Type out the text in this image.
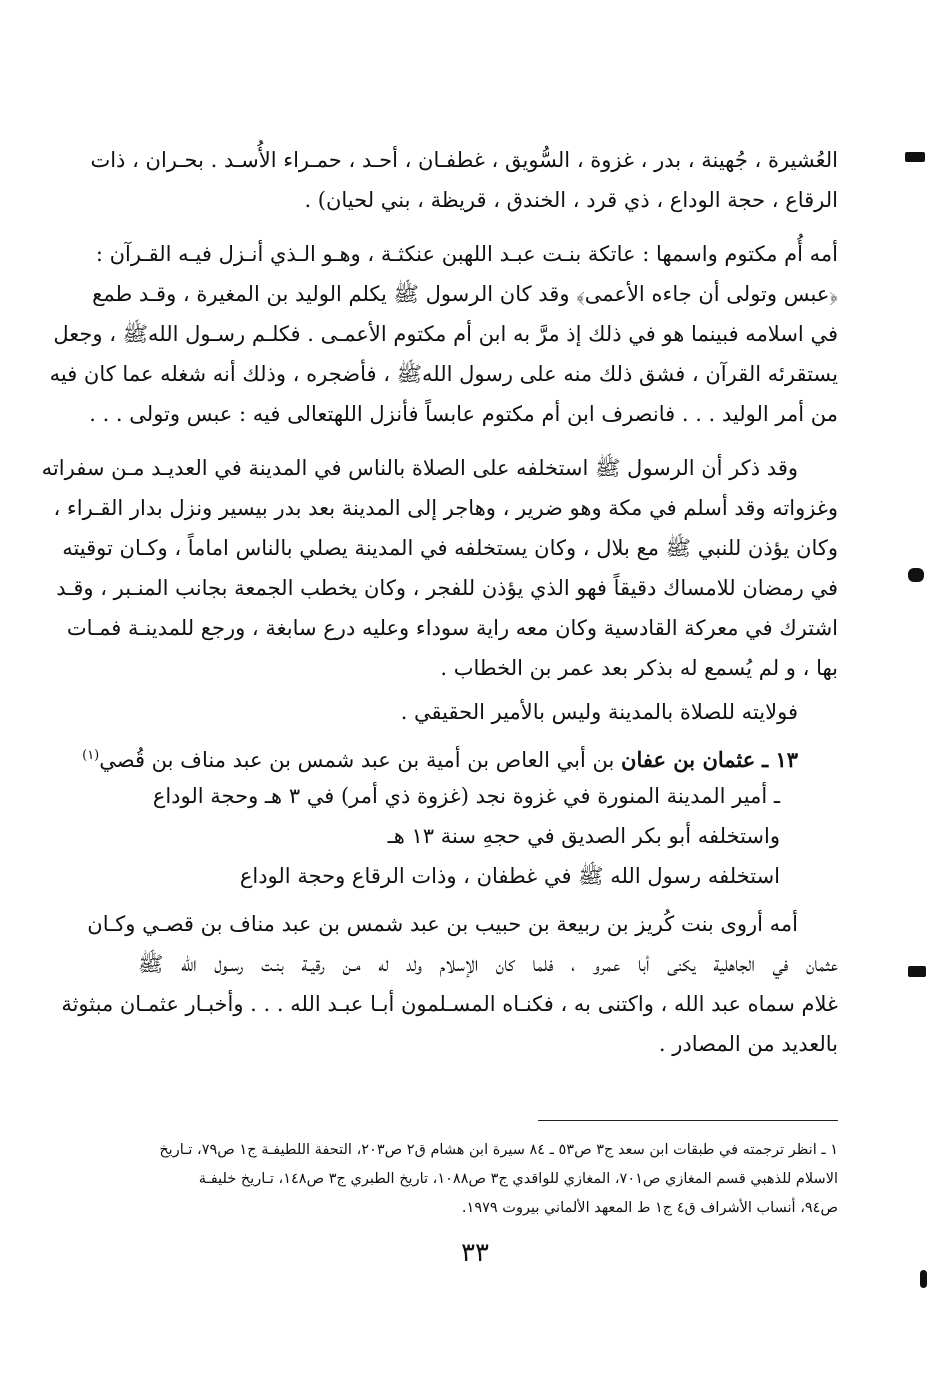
العُشيرة ، جُهينة ، بدر ، غزوة ، السُّويق ، غطفـان ، أحـد ، حمـراء الأُسـد . بحـران ، ذات
الرقاع ، حجة الوداع ، ذي قرد ، الخندق ، قريظة ، بني لحيان) .
أمه أُم مكتوم واسمها : عاتكة بنـت عبـد اللهبن عنكثـة ، وهـو الـذي أنـزل فيـه القـرآن :
﴿عبس وتولى أن جاءه الأعمى﴾ وقد كان الرسول ﷺ يكلم الوليد بن المغيرة ، وقـد طمع
في اسلامه فبينما هو في ذلك إذ مرَّ به ابن أم مكتوم الأعمـى . فكلـم رسـول اللهﷺ ، وجعل
يستقرئه القرآن ، فشق ذلك منه على رسول اللهﷺ ، فأضجره ، وذلك أنه شغله عما كان فيه
من أمر الوليد . . . فانصرف ابن أم مكتوم عابساً فأنزل اللهتعالى فيه : عبس وتولى . . .
وقد ذكر أن الرسول ﷺ استخلفه على الصلاة بالناس في المدينة في العديـد مـن سفراته
وغزواته وقد أسلم في مكة وهو ضرير ، وهاجر إلى المدينة بعد بدر بيسير ونزل بدار القـراء ،
وكان يؤذن للنبي ﷺ مع بلال ، وكان يستخلفه في المدينة يصلي بالناس اماماً ، وكـان توقيته
في رمضان للامساك دقيقاً فهو الذي يؤذن للفجر ، وكان يخطب الجمعة بجانب المنـبر ، وقـد
اشترك في معركة القادسية وكان معه راية سوداء وعليه درع سابغة ، ورجع للمدينـة فمـات
بها ، و لم يُسمع له بذكر بعد عمر بن الخطاب .
فولايته للصلاة بالمدينة وليس بالأمير الحقيقي .
١٣ ـ عثمان بن عفان بن أبي العاص بن أمية بن عبد شمس بن عبد مناف بن قُصي$^{(١)}$
ـ أمير المدينة المنورة في غزوة نجد (غزوة ذي أمر) في ٣ هـ وحجة الوداع
واستخلفه أبو بكر الصديق في حجهِ سنة ١٣ هـ
استخلفه رسول الله ﷺ في غطفان ، وذات الرقاع وحجة الوداع
أمه أروى بنت كُريز بن ربيعة بن حبيب بن عبد شمس بن عبد مناف بن قصـي وكـان
عثمان في الجاهلية يكنى أبا عمرو ، فلما كان الإسلام ولد له مـن رقيـة بنـت رسـول الله ﷺ
غلام سماه عبد الله ، واكتنى به ، فكنـاه المسـلمون أبـا عبـد الله . . . وأخبـار عثمـان مبثوثة
بالعديد من المصادر .
١ ـ انظر ترجمته في طبقات ابن سعد ج٣ ص٥٣ ـ ٨٤ سيرة ابن هشام ق٢ ص٢٠٣، التحفة اللطيفـة ج١ ص٧٩، تـاريخ
الاسلام للذهبي قسم المغازي ص٧٠١، المغازي للواقدي ج٣ ص١٠٨٨، تاريخ الطبري ج٣ ص١٤٨، تـاريخ خليفـة
ص٩٤، أنساب الأشراف ق٤ ج١ ط المعهد الألماني بيروت ١٩٧٩.
٣٣
